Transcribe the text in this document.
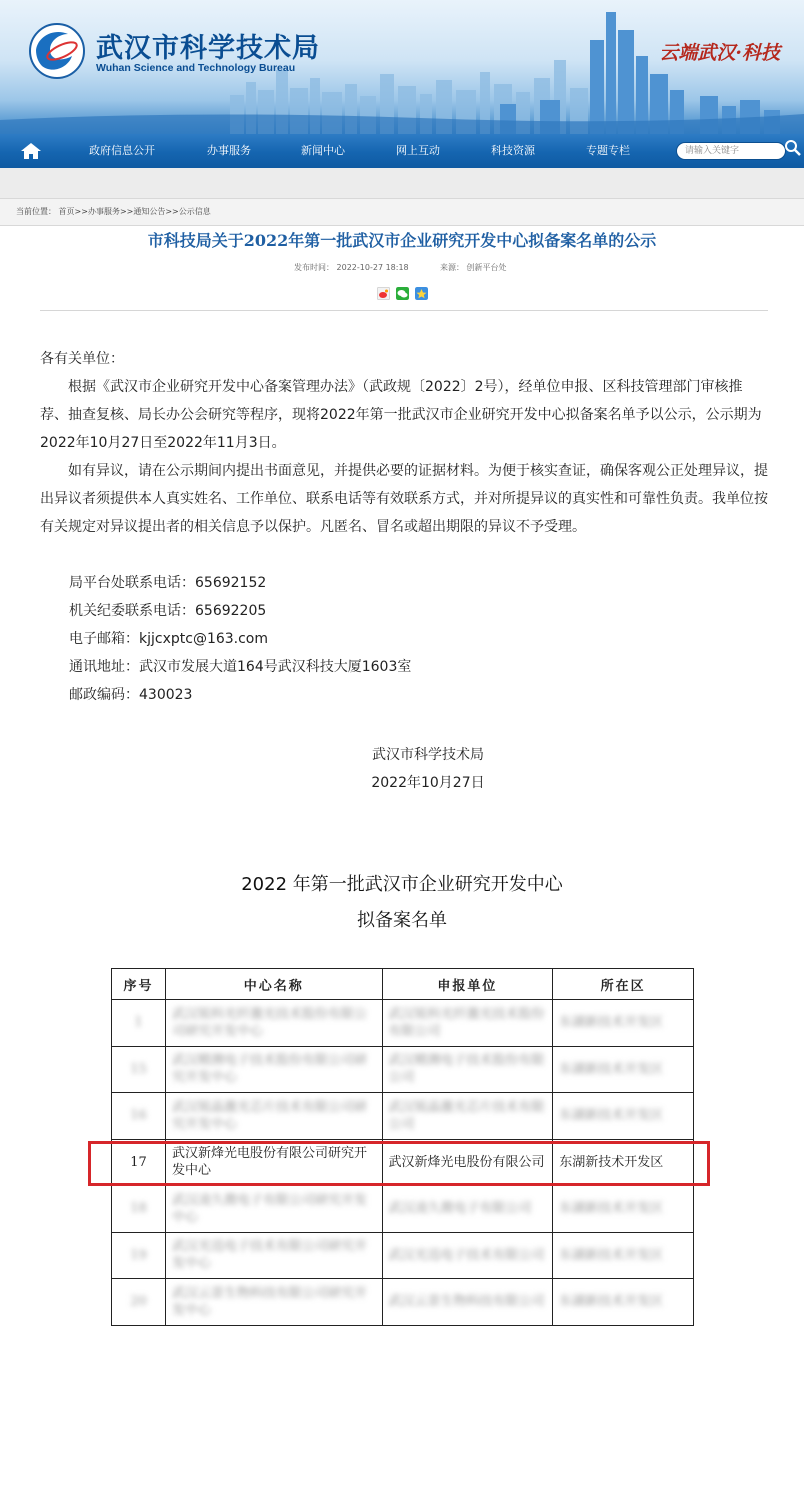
武汉市科学技术局
Wuhan Science and Technology Bureau
云端武汉·科技
政府信息公开	办事服务	新闻中心	网上互动	科技资源	专题专栏	请输入关键字
当前位置： 首页>>办事服务>>通知公告>>公示信息
市科技局关于2022年第一批武汉市企业研究开发中心拟备案名单的公示
发布时间： 2022-10-27 18:18	来源： 创新平台处
各有关单位：
根据《武汉市企业研究开发中心备案管理办法》（武政规〔2022〕2号），经单位申报、区科技管理部门审核推荐、抽查复核、局长办公会研究等程序，现将2022年第一批武汉市企业研究开发中心拟备案名单予以公示，公示期为2022年10月27日至2022年11月3日。
如有异议，请在公示期间内提出书面意见，并提供必要的证据材料。为便于核实查证，确保客观公正处理异议，提出异议者须提供本人真实姓名、工作单位、联系电话等有效联系方式，并对所提异议的真实性和可靠性负责。我单位按有关规定对异议提出者的相关信息予以保护。凡匿名、冒名或超出期限的异议不予受理。
局平台处联系电话：65692152
机关纪委联系电话：65692205
电子邮箱：kjjcxptc@163.com
通讯地址：武汉市发展大道164号武汉科技大厦1603室
邮政编码：430023
武汉市科学技术局
2022年10月27日
2022 年第一批武汉市企业研究开发中心
拟备案名单
序号	中心名称	申报单位	所在区
1	武汉锐科光纤激光技术股份有限公司研究开发中心	武汉锐科光纤激光技术股份有限公司	东湖新技术开发区
15	武汉精测电子技术股份有限公司研究开发中心	武汉精测电子技术股份有限公司	东湖新技术开发区
16	武汉锐晶激光芯片技术有限公司研究开发中心	武汉锐晶激光芯片技术有限公司	东湖新技术开发区
17	武汉新烽光电股份有限公司研究开发中心	武汉新烽光电股份有限公司	东湖新技术开发区
18	武汉凌久微电子有限公司研究开发中心	武汉凌久微电子有限公司	东湖新技术开发区
19	武汉光迅电子技术有限公司研究开发中心	武汉光迅电子技术有限公司	东湖新技术开发区
20	武汉云景生物科技有限公司研究开发中心	武汉云景生物科技有限公司	东湖新技术开发区
